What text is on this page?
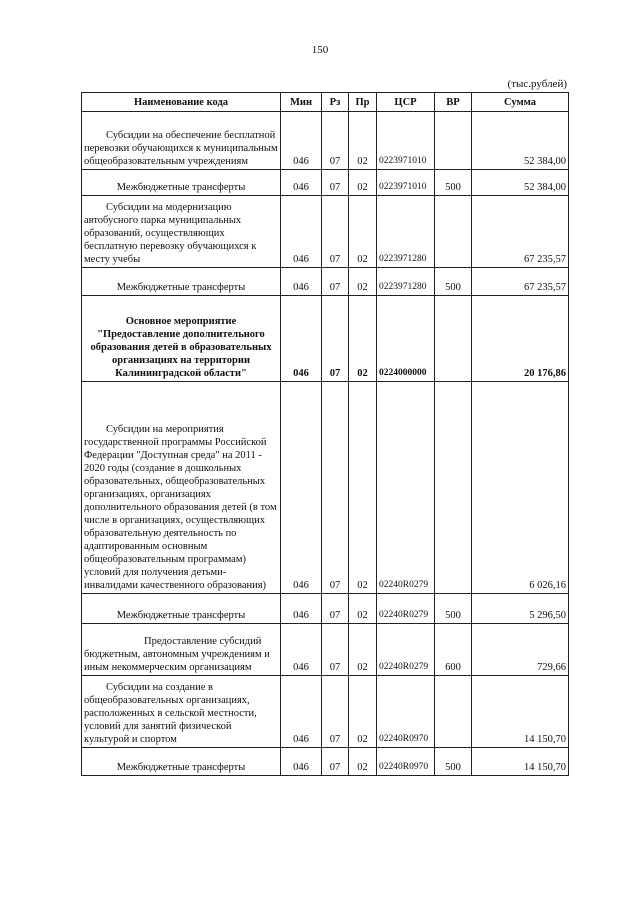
150
(тыс.рублей)
Наименование кода	Мин	Рз	Пр	ЦСР	ВР	Сумма
Субсидии на обеспечение бесплатной перевозки обучающихся к муниципальным общеобразовательным учреждениям	046	07	02	0223971010		52 384,00
Межбюджетные трансферты	046	07	02	0223971010	500	52 384,00
Субсидии на модернизацию автобусного парка муниципальных образований, осуществляющих бесплатную перевозку обучающихся к месту учебы	046	07	02	0223971280		67 235,57
Межбюджетные трансферты	046	07	02	0223971280	500	67 235,57
Основное мероприятие "Предоставление дополнительного образования детей в образовательных организациях на территории Калининградской области"	046	07	02	0224000000		20 176,86
Субсидии на мероприятия государственной программы Российской Федерации "Доступная среда" на 2011 - 2020 годы (создание в дошкольных образовательных, общеобразовательных организациях, организациях дополнительного образования детей (в том числе в организациях, осуществляющих образовательную деятельность по адаптированным основным общеобразовательным программам) условий для получения детьми-инвалидами качественного образования)	046	07	02	02240R0279		6 026,16
Межбюджетные трансферты	046	07	02	02240R0279	500	5 296,50
Предоставление субсидий бюджетным, автономным учреждениям и иным некоммерческим организациям	046	07	02	02240R0279	600	729,66
Субсидии на создание в общеобразовательных организациях, расположенных в сельской местности, условий для занятий физической культурой и спортом	046	07	02	02240R0970		14 150,70
Межбюджетные трансферты	046	07	02	02240R0970	500	14 150,70
